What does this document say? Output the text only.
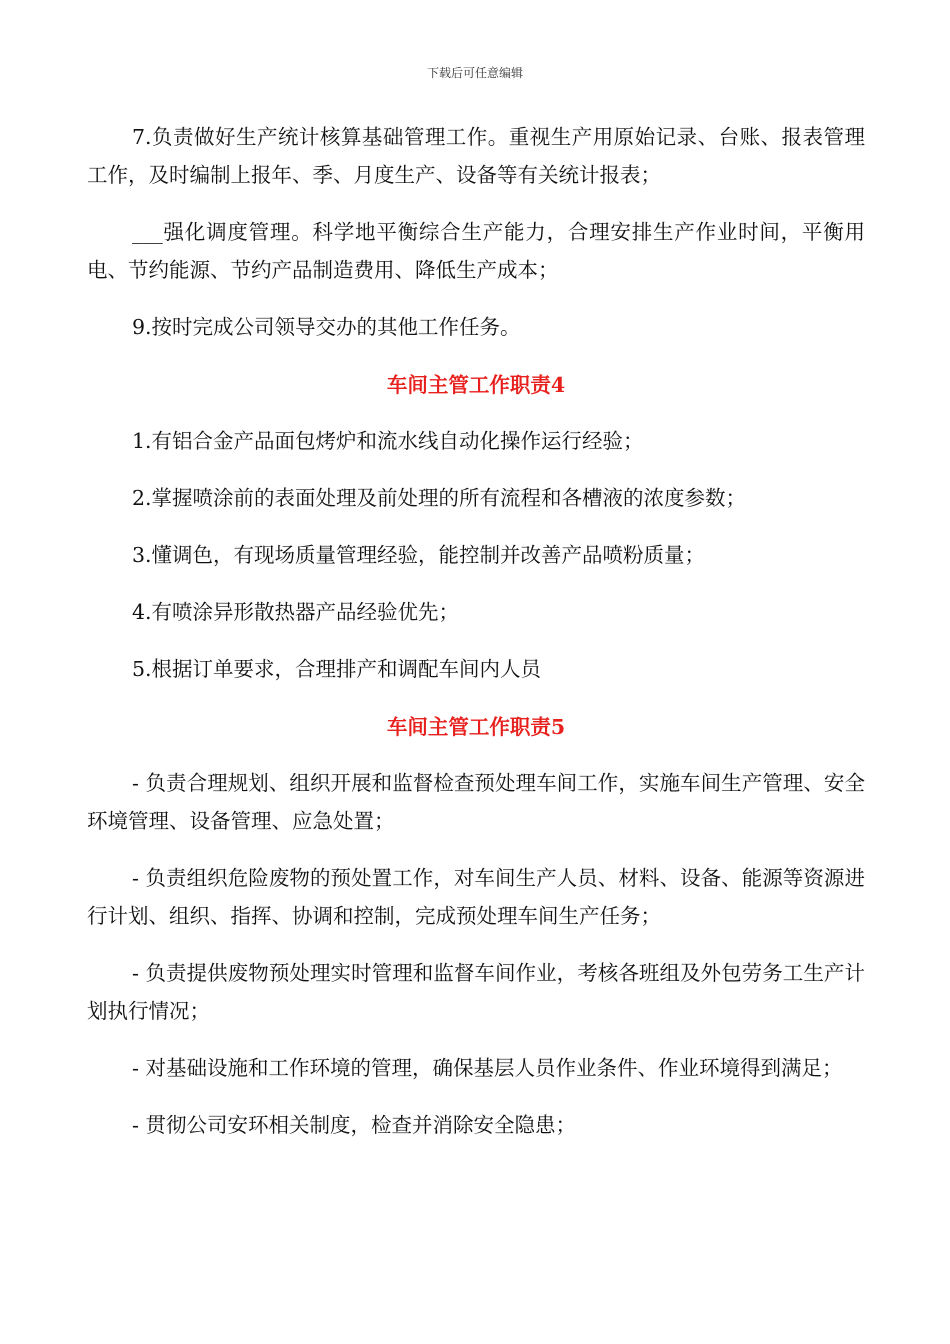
下载后可任意编辑

7.负责做好生产统计核算基础管理工作。重视生产用原始记录、台账、报表管理工作，及时编制上报年、季、月度生产、设备等有关统计报表；

___强化调度管理。科学地平衡综合生产能力，合理安排生产作业时间，平衡用电、节约能源、节约产品制造费用、降低生产成本；

9.按时完成公司领导交办的其他工作任务。

车间主管工作职责4

1.有铝合金产品面包烤炉和流水线自动化操作运行经验；

2.掌握喷涂前的表面处理及前处理的所有流程和各槽液的浓度参数；

3.懂调色，有现场质量管理经验，能控制并改善产品喷粉质量；

4.有喷涂异形散热器产品经验优先；

5.根据订单要求，合理排产和调配车间内人员

车间主管工作职责5

- 负责合理规划、组织开展和监督检查预处理车间工作，实施车间生产管理、安全环境管理、设备管理、应急处置；

- 负责组织危险废物的预处置工作，对车间生产人员、材料、设备、能源等资源进行计划、组织、指挥、协调和控制，完成预处理车间生产任务；

- 负责提供废物预处理实时管理和监督车间作业，考核各班组及外包劳务工生产计划执行情况；

- 对基础设施和工作环境的管理，确保基层人员作业条件、作业环境得到满足；

- 贯彻公司安环相关制度，检查并消除安全隐患；
